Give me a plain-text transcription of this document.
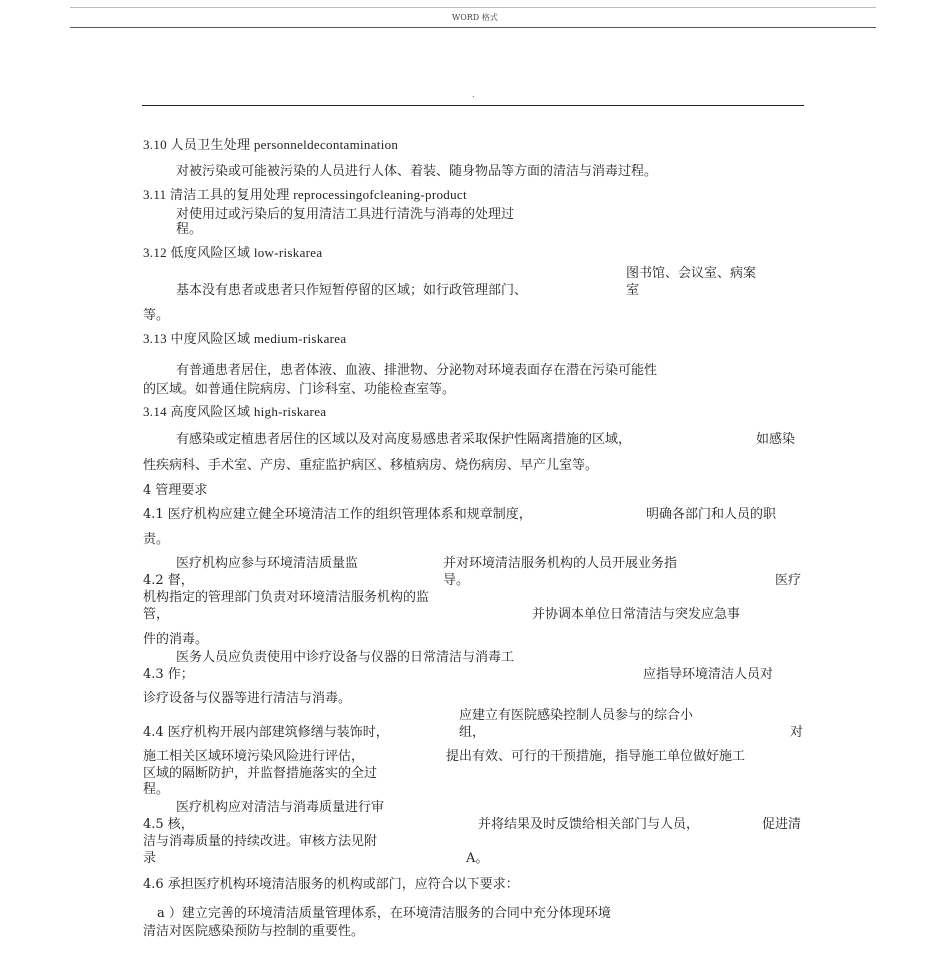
WORD 格式
.
3.10 人员卫生处理 personneldecontamination
对被污染或可能被污染的人员进行人体、着装、随身物品等方面的清洁与消毒过程。
3.11 清洁工具的复用处理 reprocessingofcleaning-product
对使用过或污染后的复用清洁工具进行清洗与消毒的处理过
程。
3.12 低度风险区域 low-riskarea
图书馆、会议室、病案
基本没有患者或患者只作短暂停留的区域；如行政管理部门、	室
等。
3.13 中度风险区域 medium-riskarea
有普通患者居住，患者体液、血液、排泄物、分泌物对环境表面存在潜在污染可能性
的区域。如普通住院病房、门诊科室、功能检查室等。
3.14 高度风险区域 high-riskarea
有感染或定植患者居住的区域以及对高度易感患者采取保护性隔离措施的区域，	如感染
性疾病科、手术室、产房、重症监护病区、移植病房、烧伤病房、早产儿室等。
4 管理要求
4.1 医疗机构应建立健全环境清洁工作的组织管理体系和规章制度，	明确各部门和人员的职
责。
医疗机构应参与环境清洁质量监	并对环境清洁服务机构的人员开展业务指
4.2 督，	导。	医疗
机构指定的管理部门负责对环境清洁服务机构的监
管，	并协调本单位日常清洁与突发应急事
件的消毒。
医务人员应负责使用中诊疗设备与仪器的日常清洁与消毒工
4.3 作；	应指导环境清洁人员对
诊疗设备与仪器等进行清洁与消毒。
应建立有医院感染控制人员参与的综合小
4.4 医疗机构开展内部建筑修缮与装饰时，	组，	对
施工相关区域环境污染风险进行评估，	提出有效、可行的干预措施，指导施工单位做好施工
区域的隔断防护，并监督措施落实的全过
程。
医疗机构应对清洁与消毒质量进行审
4.5 核，	并将结果及时反馈给相关部门与人员，	促进清
洁与消毒质量的持续改进。审核方法见附
录	A。
4.6 承担医疗机构环境清洁服务的机构或部门，应符合以下要求：
a ）建立完善的环境清洁质量管理体系，在环境清洁服务的合同中充分体现环境
清洁对医院感染预防与控制的重要性。
